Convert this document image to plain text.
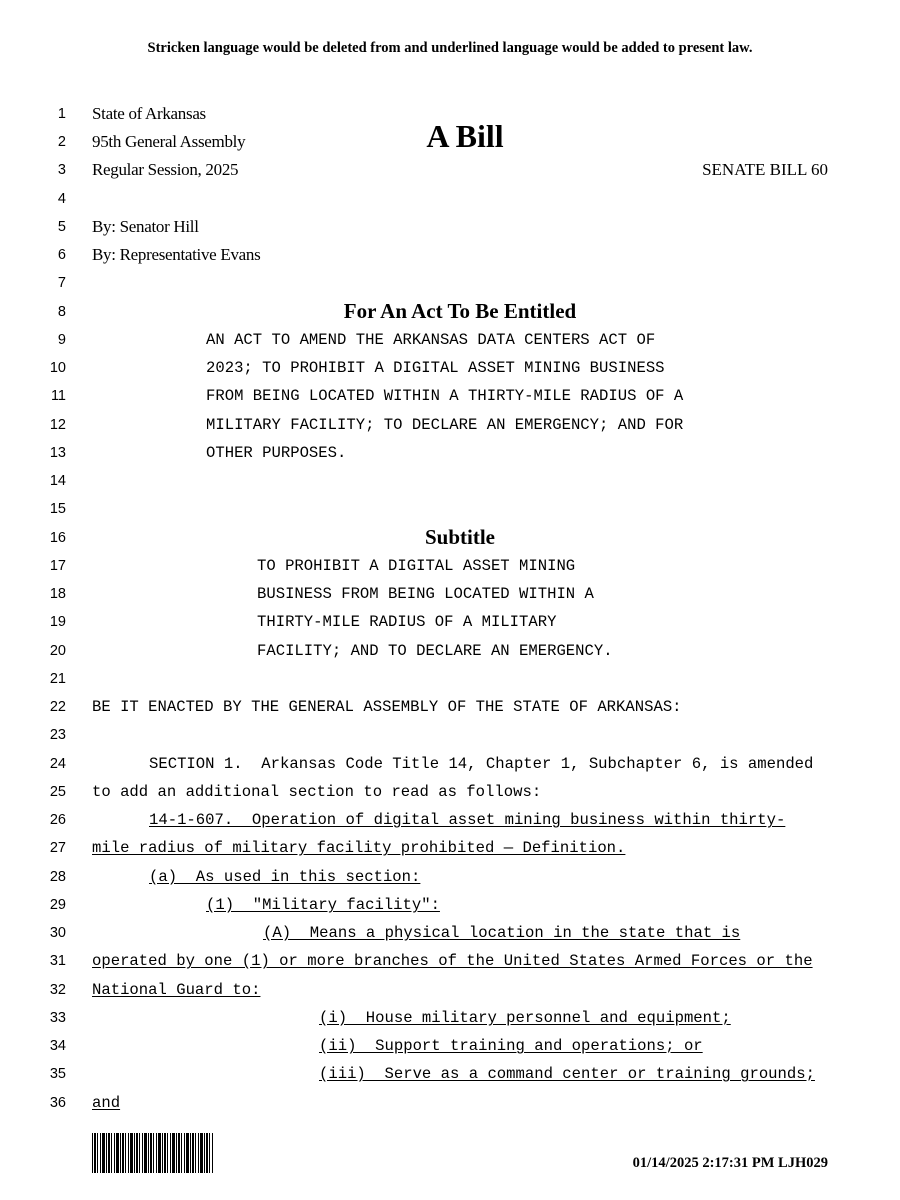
Stricken language would be deleted from and underlined language would be added to present law.
1
2
3
4
5
6
7
8
9
10
11
12
13
14
15
16
17
18
19
20
21
22
23
24
25
26
27
28
29
30
31
32
33
34
35
36
State of Arkansas
95th General Assembly
Regular Session, 2025
A Bill
SENATE BILL 60
By: Senator Hill
By: Representative Evans
For An Act To Be Entitled
AN ACT TO AMEND THE ARKANSAS DATA CENTERS ACT OF
2023; TO PROHIBIT A DIGITAL ASSET MINING BUSINESS
FROM BEING LOCATED WITHIN A THIRTY-MILE RADIUS OF A
MILITARY FACILITY; TO DECLARE AN EMERGENCY; AND FOR
OTHER PURPOSES.
Subtitle
TO PROHIBIT A DIGITAL ASSET MINING
BUSINESS FROM BEING LOCATED WITHIN A
THIRTY-MILE RADIUS OF A MILITARY
FACILITY; AND TO DECLARE AN EMERGENCY.
BE IT ENACTED BY THE GENERAL ASSEMBLY OF THE STATE OF ARKANSAS:
SECTION 1.  Arkansas Code Title 14, Chapter 1, Subchapter 6, is amended
to add an additional section to read as follows:
14-1-607.  Operation of digital asset mining business within thirty-
mile radius of military facility prohibited — Definition.
(a)  As used in this section:
(1)  "Military facility":
(A)  Means a physical location in the state that is
operated by one (1) or more branches of the United States Armed Forces or the
National Guard to:
(i)  House military personnel and equipment;
(ii)  Support training and operations; or
(iii)  Serve as a command center or training grounds;
and
01/14/2025 2:17:31 PM LJH029
